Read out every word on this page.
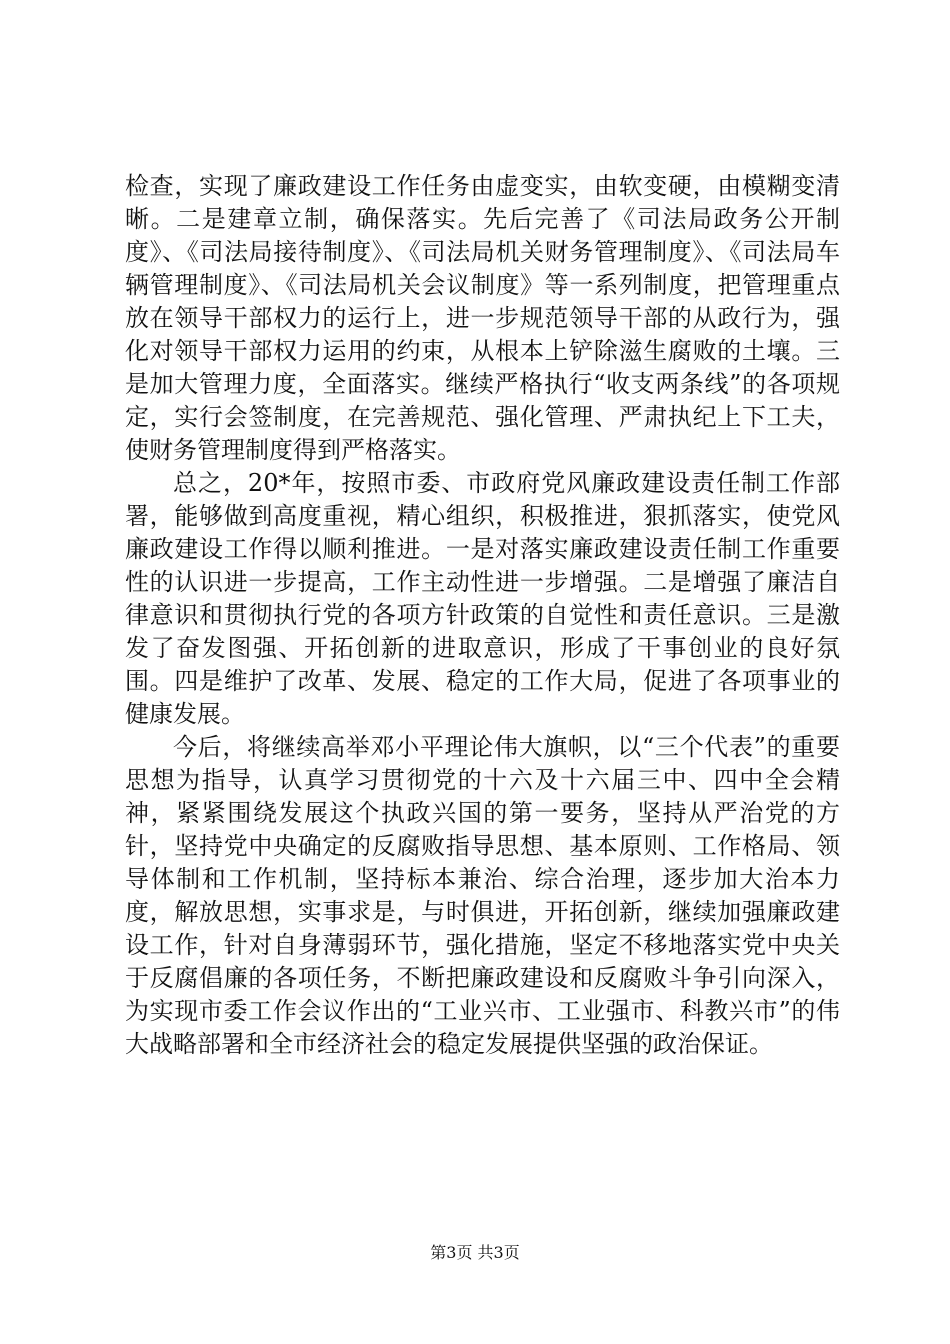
检查，实现了廉政建设工作任务由虚变实，由软变硬，由模糊变清晰。二是建章立制，确保落实。先后完善了《司法局政务公开制度》、《司法局接待制度》、《司法局机关财务管理制度》、《司法局车辆管理制度》、《司法局机关会议制度》等一系列制度，把管理重点放在领导干部权力的运行上，进一步规范领导干部的从政行为，强化对领导干部权力运用的约束，从根本上铲除滋生腐败的土壤。三是加大管理力度，全面落实。继续严格执行“收支两条线”的各项规定，实行会签制度，在完善规范、强化管理、严肃执纪上下工夫，使财务管理制度得到严格落实。

总之，20*年，按照市委、市政府党风廉政建设责任制工作部署，能够做到高度重视，精心组织，积极推进，狠抓落实，使党风廉政建设工作得以顺利推进。一是对落实廉政建设责任制工作重要性的认识进一步提高，工作主动性进一步增强。二是增强了廉洁自律意识和贯彻执行党的各项方针政策的自觉性和责任意识。三是激发了奋发图强、开拓创新的进取意识，形成了干事创业的良好氛围。四是维护了改革、发展、稳定的工作大局，促进了各项事业的健康发展。

今后，将继续高举邓小平理论伟大旗帜，以“三个代表”的重要思想为指导，认真学习贯彻党的十六及十六届三中、四中全会精神，紧紧围绕发展这个执政兴国的第一要务，坚持从严治党的方针，坚持党中央确定的反腐败指导思想、基本原则、工作格局、领导体制和工作机制，坚持标本兼治、综合治理，逐步加大治本力度，解放思想，实事求是，与时俱进，开拓创新，继续加强廉政建设工作，针对自身薄弱环节，强化措施，坚定不移地落实党中央关于反腐倡廉的各项任务，不断把廉政建设和反腐败斗争引向深入，为实现市委工作会议作出的“工业兴市、工业强市、科教兴市”的伟大战略部署和全市经济社会的稳定发展提供坚强的政治保证。

第3页 共3页
